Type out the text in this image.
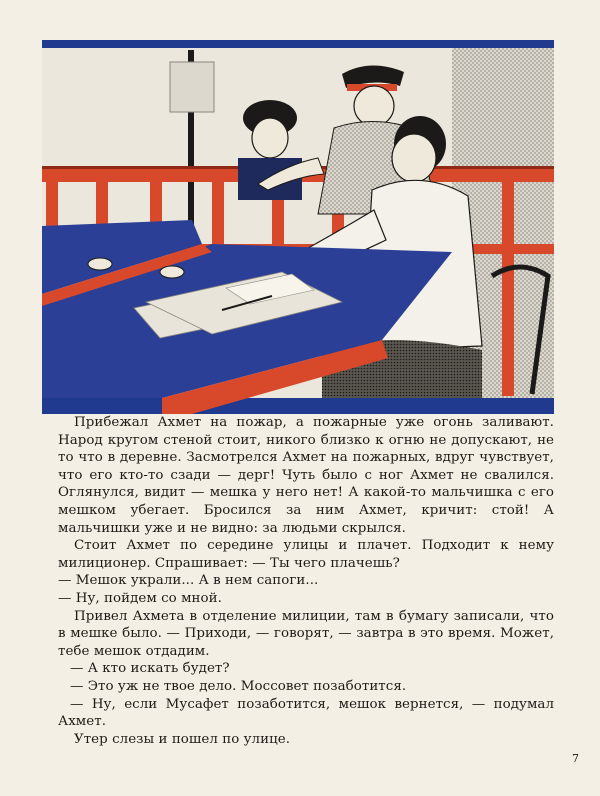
Прибежал Ахмет на пожар, а пожарные уже огонь заливают. Народ кругом стеной стоит, никого близко к огню не допускают, не то что в деревне. Засмотрелся Ахмет на пожарных, вдруг чувствует, что его кто-то сзади — дерг! Чуть было с ног Ахмет не свалился. Оглянулся, видит — мешка у него нет! А какой-то мальчишка с его мешком убегает. Бросился за ним Ахмет, кричит: стой! А мальчишки уже и не видно: за людьми скрылся.

Стоит Ахмет по середине улицы и плачет. Подходит к нему милиционер. Спрашивает: — Ты чего плачешь?

— Мешок украли... А в нем сапоги...

— Ну, пойдем со мной.

Привел Ахмета в отделение милиции, там в бумагу записали, что в мешке было. — Приходи, — говорят, — завтра в это время. Может, тебе мешок отдадим.

— А кто искать будет?

— Это уж не твое дело. Моссовет позаботится.

— Ну, если Мусафет позаботится, мешок вернется, — подумал Ахмет.

Утер слезы и пошел по улице.

7
